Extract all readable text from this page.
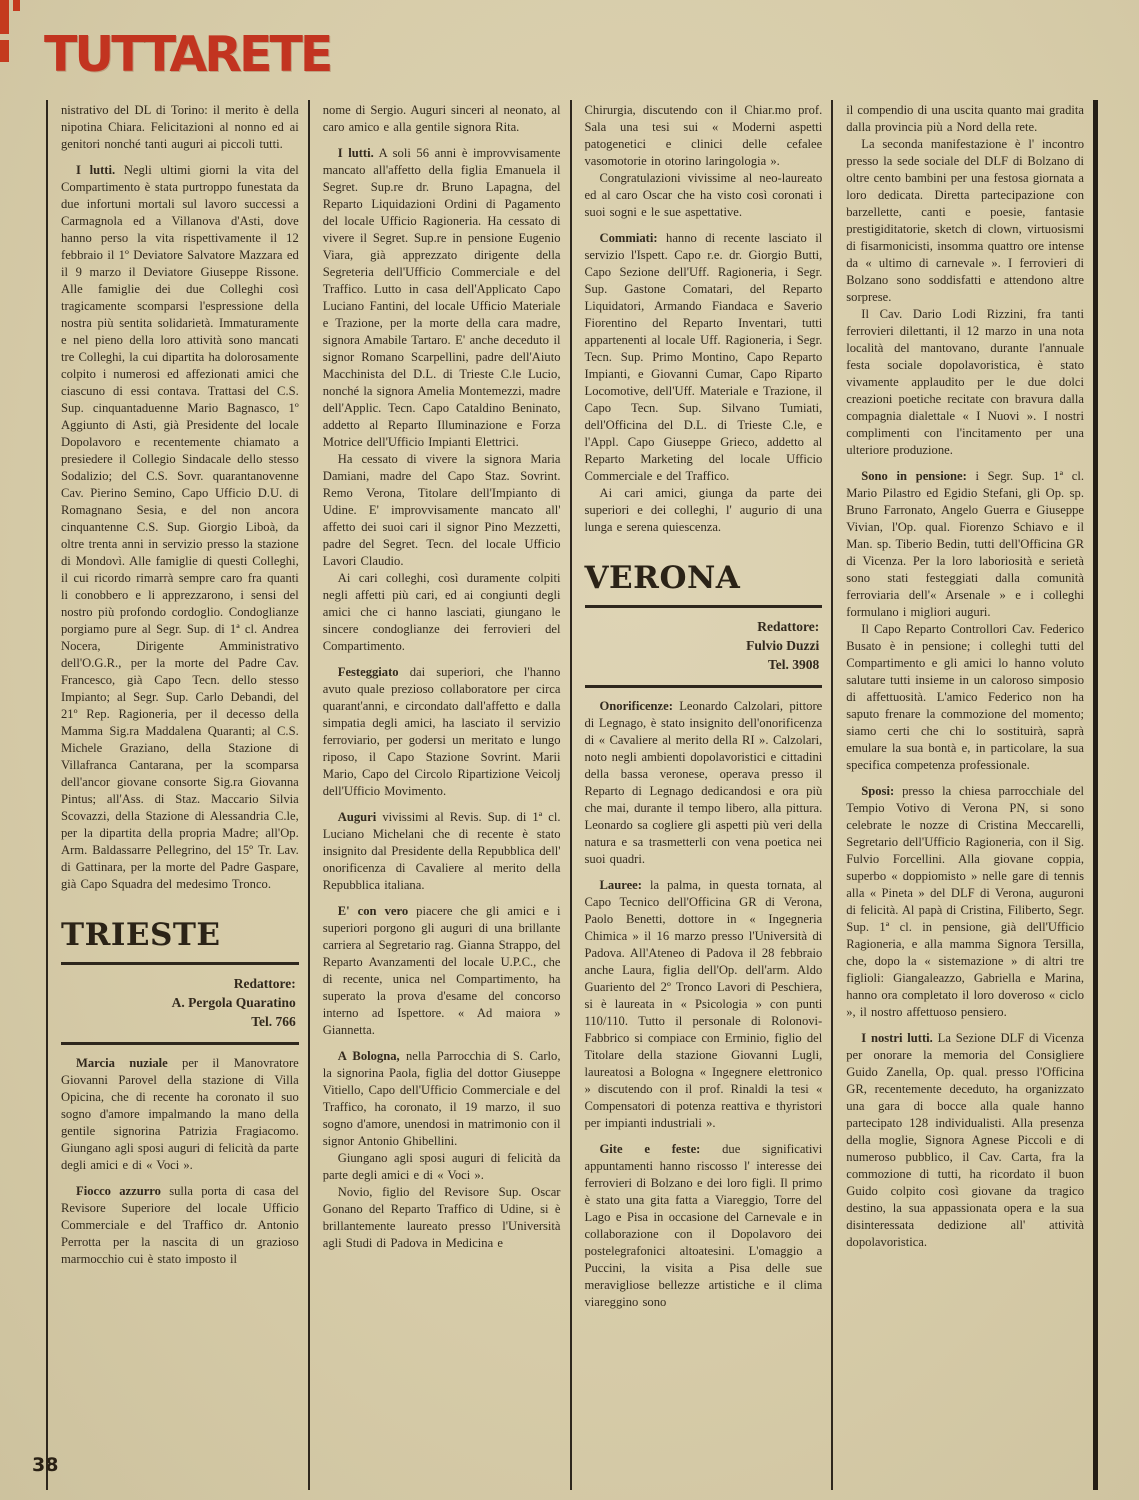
TUTTARETE

nistrativo del DL di Torino: il merito è della nipotina Chiara. Felicitazioni al nonno ed ai genitori nonché tanti auguri ai piccoli tutti.

I lutti. Negli ultimi giorni la vita del Compartimento è stata purtroppo funestata da due infortuni mortali sul lavoro successi a Carmagnola ed a Villanova d'Asti, dove hanno perso la vita rispettivamente il 12 febbraio il 1º Deviatore Salvatore Mazzara ed il 9 marzo il Deviatore Giuseppe Rissone. Alle famiglie dei due Colleghi così tragicamente scomparsi l'espressione della nostra più sentita solidarietà. Immaturamente e nel pieno della loro attività sono mancati tre Colleghi, la cui dipartita ha dolorosamente colpito i numerosi ed affezionati amici che ciascuno di essi contava. Trattasi del C.S. Sup. cinquantaduenne Mario Bagnasco, 1º Aggiunto di Asti, già Presidente del locale Dopolavoro e recentemente chiamato a presiedere il Collegio Sindacale dello stesso Sodalizio; del C.S. Sovr. quarantanovenne Cav. Pierino Semino, Capo Ufficio D.U. di Romagnano Sesia, e del non ancora cinquantenne C.S. Sup. Giorgio Liboà, da oltre trenta anni in servizio presso la stazione di Mondovì. Alle famiglie di questi Colleghi, il cui ricordo rimarrà sempre caro fra quanti li conobbero e li apprezzarono, i sensi del nostro più profondo cordoglio. Condoglianze porgiamo pure al Segr. Sup. di 1ª cl. Andrea Nocera, Dirigente Amministrativo dell'O.G.R., per la morte del Padre Cav. Francesco, già Capo Tecn. dello stesso Impianto; al Segr. Sup. Carlo Debandi, del 21º Rep. Ragioneria, per il decesso della Mamma Sig.ra Maddalena Quaranti; al C.S. Michele Graziano, della Stazione di Villafranca Cantarana, per la scomparsa dell'ancor giovane consorte Sig.ra Giovanna Pintus; all'Ass. di Staz. Maccario Silvia Scovazzi, della Stazione di Alessandria C.le, per la dipartita della propria Madre; all'Op. Arm. Baldassarre Pellegrino, del 15º Tr. Lav. di Gattinara, per la morte del Padre Gaspare, già Capo Squadra del medesimo Tronco.

TRIESTE
Redattore:
A. Pergola Quaratino
Tel. 766

Marcia nuziale per il Manovratore Giovanni Parovel della stazione di Villa Opicina, che di recente ha coronato il suo sogno d'amore impalmando la mano della gentile signorina Patrizia Fragiacomo. Giungano agli sposi auguri di felicità da parte degli amici e di « Voci ».

Fiocco azzurro sulla porta di casa del Revisore Superiore del locale Ufficio Commerciale e del Traffico dr. Antonio Perrotta per la nascita di un grazioso marmocchio cui è stato imposto il

nome di Sergio. Auguri sinceri al neonato, al caro amico e alla gentile signora Rita.

I lutti. A soli 56 anni è improvvisamente mancato all'affetto della figlia Emanuela il Segret. Sup.re dr. Bruno Lapagna, del Reparto Liquidazioni Ordini di Pagamento del locale Ufficio Ragioneria. Ha cessato di vivere il Segret. Sup.re in pensione Eugenio Viara, già apprezzato dirigente della Segreteria dell'Ufficio Commerciale e del Traffico. Lutto in casa dell'Applicato Capo Luciano Fantini, del locale Ufficio Materiale e Trazione, per la morte della cara madre, signora Amabile Tartaro. E' anche deceduto il signor Romano Scarpellini, padre dell'Aiuto Macchinista del D.L. di Trieste C.le Lucio, nonché la signora Amelia Montemezzi, madre dell'Applic. Tecn. Capo Cataldino Beninato, addetto al Reparto Illuminazione e Forza Motrice dell'Ufficio Impianti Elettrici.

Ha cessato di vivere la signora Maria Damiani, madre del Capo Staz. Sovrint. Remo Verona, Titolare dell'Impianto di Udine. E' improvvisamente mancato all' affetto dei suoi cari il signor Pino Mezzetti, padre del Segret. Tecn. del locale Ufficio Lavori Claudio.

Ai cari colleghi, così duramente colpiti negli affetti più cari, ed ai congiunti degli amici che ci hanno lasciati, giungano le sincere condoglianze dei ferrovieri del Compartimento.

Festeggiato dai superiori, che l'hanno avuto quale prezioso collaboratore per circa quarant'anni, e circondato dall'affetto e dalla simpatia degli amici, ha lasciato il servizio ferroviario, per godersi un meritato e lungo riposo, il Capo Stazione Sovrint. Marii Mario, Capo del Circolo Ripartizione Veicolj dell'Ufficio Movimento.

Auguri vivissimi al Revis. Sup. di 1ª cl. Luciano Michelani che di recente è stato insignito dal Presidente della Repubblica dell' onorificenza di Cavaliere al merito della Repubblica italiana.

E' con vero piacere che gli amici e i superiori porgono gli auguri di una brillante carriera al Segretario rag. Gianna Strappo, del Reparto Avanzamenti del locale U.P.C., che di recente, unica nel Compartimento, ha superato la prova d'esame del concorso interno ad Ispettore. « Ad maiora » Giannetta.

A Bologna, nella Parrocchia di S. Carlo, la signorina Paola, figlia del dottor Giuseppe Vitiello, Capo dell'Ufficio Commerciale e del Traffico, ha coronato, il 19 marzo, il suo sogno d'amore, unendosi in matrimonio con il signor Antonio Ghibellini.

Giungano agli sposi auguri di felicità da parte degli amici e di « Voci ».

Novio, figlio del Revisore Sup. Oscar Gonano del Reparto Traffico di Udine, si è brillantemente laureato presso l'Università agli Studi di Padova in Medicina e

Chirurgia, discutendo con il Chiar.mo prof. Sala una tesi sui « Moderni aspetti patogenetici e clinici delle cefalee vasomotorie in otorino laringologia ».

Congratulazioni vivissime al neo-laureato ed al caro Oscar che ha visto così coronati i suoi sogni e le sue aspettative.

Commiati: hanno di recente lasciato il servizio l'Ispett. Capo r.e. dr. Giorgio Butti, Capo Sezione dell'Uff. Ragioneria, i Segr. Sup. Gastone Comatari, del Reparto Liquidatori, Armando Fiandaca e Saverio Fiorentino del Reparto Inventari, tutti appartenenti al locale Uff. Ragioneria, i Segr. Tecn. Sup. Primo Montino, Capo Reparto Impianti, e Giovanni Cumar, Capo Riparto Locomotive, dell'Uff. Materiale e Trazione, il Capo Tecn. Sup. Silvano Tumiati, dell'Officina del D.L. di Trieste C.le, e l'Appl. Capo Giuseppe Grieco, addetto al Reparto Marketing del locale Ufficio Commerciale e del Traffico.

Ai cari amici, giunga da parte dei superiori e dei colleghi, l' augurio di una lunga e serena quiescenza.

VERONA
Redattore:
Fulvio Duzzi
Tel. 3908

Onorificenze: Leonardo Calzolari, pittore di Legnago, è stato insignito dell'onorificenza di « Cavaliere al merito della RI ». Calzolari, noto negli ambienti dopolavoristici e cittadini della bassa veronese, operava presso il Reparto di Legnago dedicandosi e ora più che mai, durante il tempo libero, alla pittura. Leonardo sa cogliere gli aspetti più veri della natura e sa trasmetterli con vena poetica nei suoi quadri.

Lauree: la palma, in questa tornata, al Capo Tecnico dell'Officina GR di Verona, Paolo Benetti, dottore in « Ingegneria Chimica » il 16 marzo presso l'Università di Padova. All'Ateneo di Padova il 28 febbraio anche Laura, figlia dell'Op. dell'arm. Aldo Guariento del 2º Tronco Lavori di Peschiera, si è laureata in « Psicologia » con punti 110/110. Tutto il personale di Rolonovi-Fabbrico si compiace con Erminio, figlio del Titolare della stazione Giovanni Lugli, laureatosi a Bologna « Ingegnere elettronico » discutendo con il prof. Rinaldi la tesi « Compensatori di potenza reattiva e thyristori per impianti industriali ».

Gite e feste: due significativi appuntamenti hanno riscosso l' interesse dei ferrovieri di Bolzano e dei loro figli. Il primo è stato una gita fatta a Viareggio, Torre del Lago e Pisa in occasione del Carnevale e in collaborazione con il Dopolavoro dei postelegrafonici altoatesini. L'omaggio a Puccini, la visita a Pisa delle sue meravigliose bellezze artistiche e il clima viareggino sono

il compendio di una uscita quanto mai gradita dalla provincia più a Nord della rete.

La seconda manifestazione è l' incontro presso la sede sociale del DLF di Bolzano di oltre cento bambini per una festosa giornata a loro dedicata. Diretta partecipazione con barzellette, canti e poesie, fantasie prestigiditatorie, sketch di clown, virtuosismi di fisarmonicisti, insomma quattro ore intense da « ultimo di carnevale ». I ferrovieri di Bolzano sono soddisfatti e attendono altre sorprese.

Il Cav. Dario Lodi Rizzini, fra tanti ferrovieri dilettanti, il 12 marzo in una nota località del mantovano, durante l'annuale festa sociale dopolavoristica, è stato vivamente applaudito per le due dolci creazioni poetiche recitate con bravura dalla compagnia dialettale « I Nuovi ». I nostri complimenti con l'incitamento per una ulteriore produzione.

Sono in pensione: i Segr. Sup. 1ª cl. Mario Pilastro ed Egidio Stefani, gli Op. sp. Bruno Farronato, Angelo Guerra e Giuseppe Vivian, l'Op. qual. Fiorenzo Schiavo e il Man. sp. Tiberio Bedin, tutti dell'Officina GR di Vicenza. Per la loro laboriosità e serietà sono stati festeggiati dalla comunità ferroviaria dell'« Arsenale » e i colleghi formulano i migliori auguri.

Il Capo Reparto Controllori Cav. Federico Busato è in pensione; i colleghi tutti del Compartimento e gli amici lo hanno voluto salutare tutti insieme in un caloroso simposio di affettuosità. L'amico Federico non ha saputo frenare la commozione del momento; siamo certi che chi lo sostituirà, saprà emulare la sua bontà e, in particolare, la sua specifica competenza professionale.

Sposi: presso la chiesa parrocchiale del Tempio Votivo di Verona PN, si sono celebrate le nozze di Cristina Meccarelli, Segretario dell'Ufficio Ragioneria, con il Sig. Fulvio Forcellini. Alla giovane coppia, superbo « doppiomisto » nelle gare di tennis alla « Pineta » del DLF di Verona, auguroni di felicità. Al papà di Cristina, Filiberto, Segr. Sup. 1ª cl. in pensione, già dell'Ufficio Ragioneria, e alla mamma Signora Tersilla, che, dopo la « sistemazione » di altri tre figlioli: Giangaleazzo, Gabriella e Marina, hanno ora completato il loro doveroso « ciclo », il nostro affettuoso pensiero.

I nostri lutti. La Sezione DLF di Vicenza per onorare la memoria del Consigliere Guido Zanella, Op. qual. presso l'Officina GR, recentemente deceduto, ha organizzato una gara di bocce alla quale hanno partecipato 128 individualisti. Alla presenza della moglie, Signora Agnese Piccoli e di numeroso pubblico, il Cav. Carta, fra la commozione di tutti, ha ricordato il buon Guido colpito così giovane da tragico destino, la sua appassionata opera e la sua disinteressata dedizione all' attività dopolavoristica.

38
